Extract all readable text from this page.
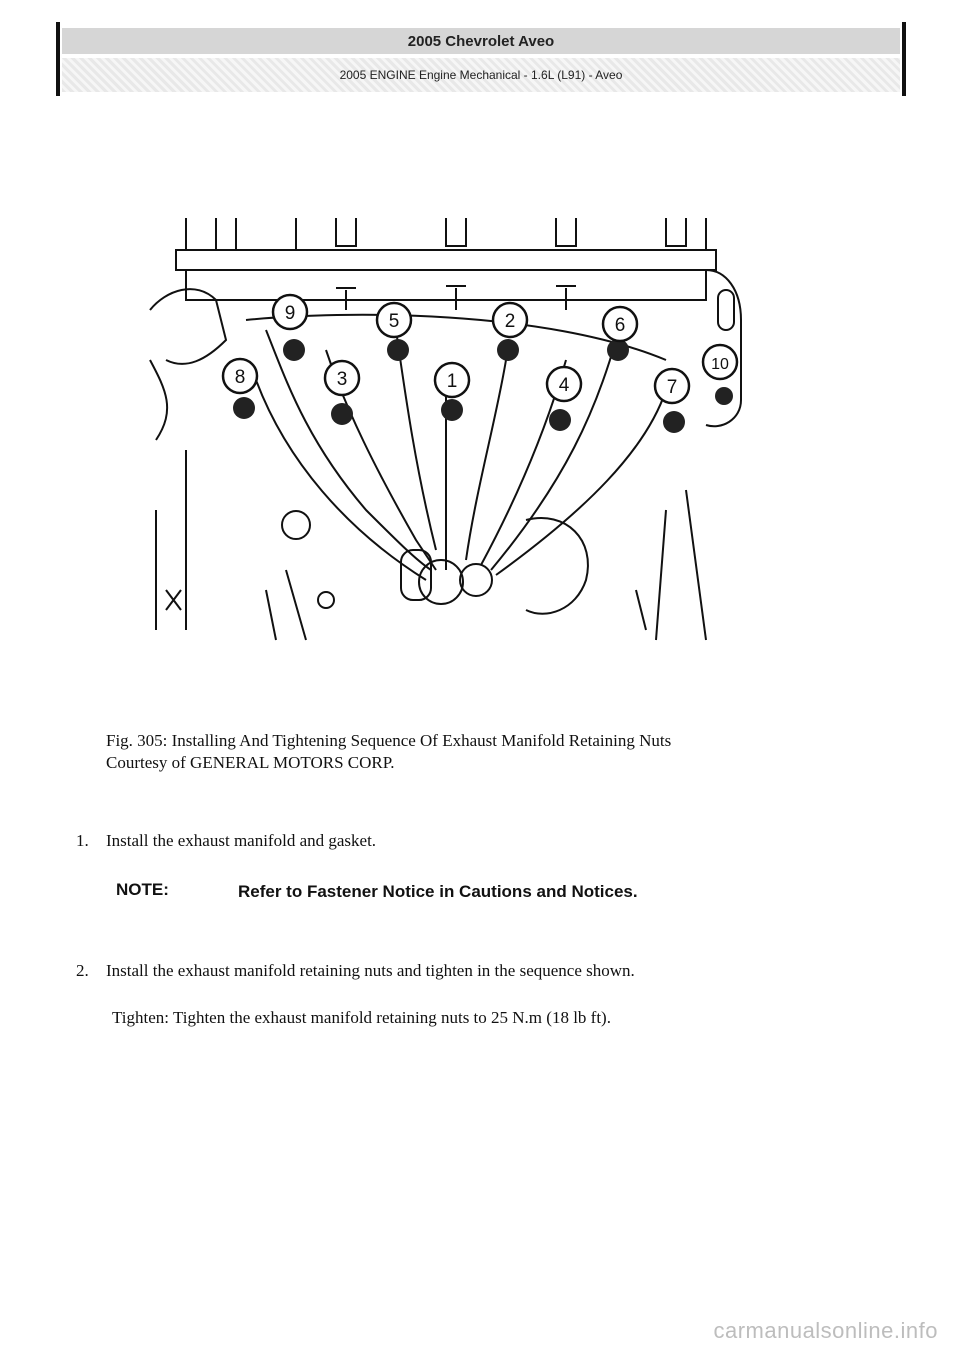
2005 Chevrolet Aveo
2005 ENGINE Engine Mechanical - 1.6L (L91) - Aveo
9	5	2	6
8	3	1	4	7
10
Fig. 305: Installing And Tightening Sequence Of Exhaust Manifold Retaining Nuts
Courtesy of GENERAL MOTORS CORP.
1.	Install the exhaust manifold and gasket.
NOTE:	Refer to Fastener Notice in Cautions and Notices.
2.	Install the exhaust manifold retaining nuts and tighten in the sequence shown.
Tighten: Tighten the exhaust manifold retaining nuts to 25 N.m (18 lb ft).
carmanualsonline.info
